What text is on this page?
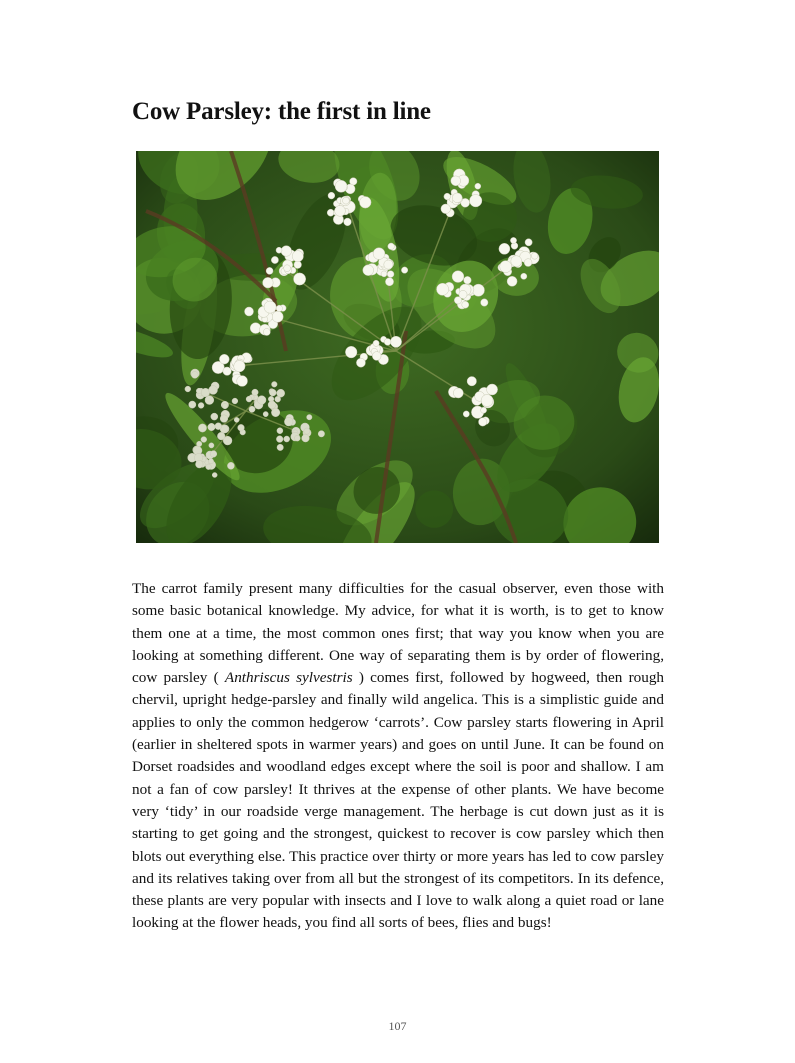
Cow Parsley: the first in line

The carrot family present many difficulties for the casual observer, even those with some basic botanical knowledge. My advice, for what it is worth, is to get to know them one at a time, the most common ones first; that way you know when you are looking at something different. One way of separating them is by order of flowering, cow parsley ( Anthriscus sylvestris ) comes first, followed by hogweed, then rough chervil, upright hedge-parsley and finally wild angelica. This is a simplistic guide and applies to only the common hedgerow ‘carrots’. Cow parsley starts flowering in April (earlier in sheltered spots in warmer years) and goes on until June. It can be found on Dorset roadsides and woodland edges except where the soil is poor and shallow. I am not a fan of cow parsley! It thrives at the expense of other plants. We have become very ‘tidy’ in our roadside verge management. The herbage is cut down just as it is starting to get going and the strongest, quickest to recover is cow parsley which then blots out everything else. This practice over thirty or more years has led to cow parsley and its relatives taking over from all but the strongest of its competitors. In its defence, these plants are very popular with insects and I love to walk along a quiet road or lane looking at the flower heads, you find all sorts of bees, flies and bugs!

107
